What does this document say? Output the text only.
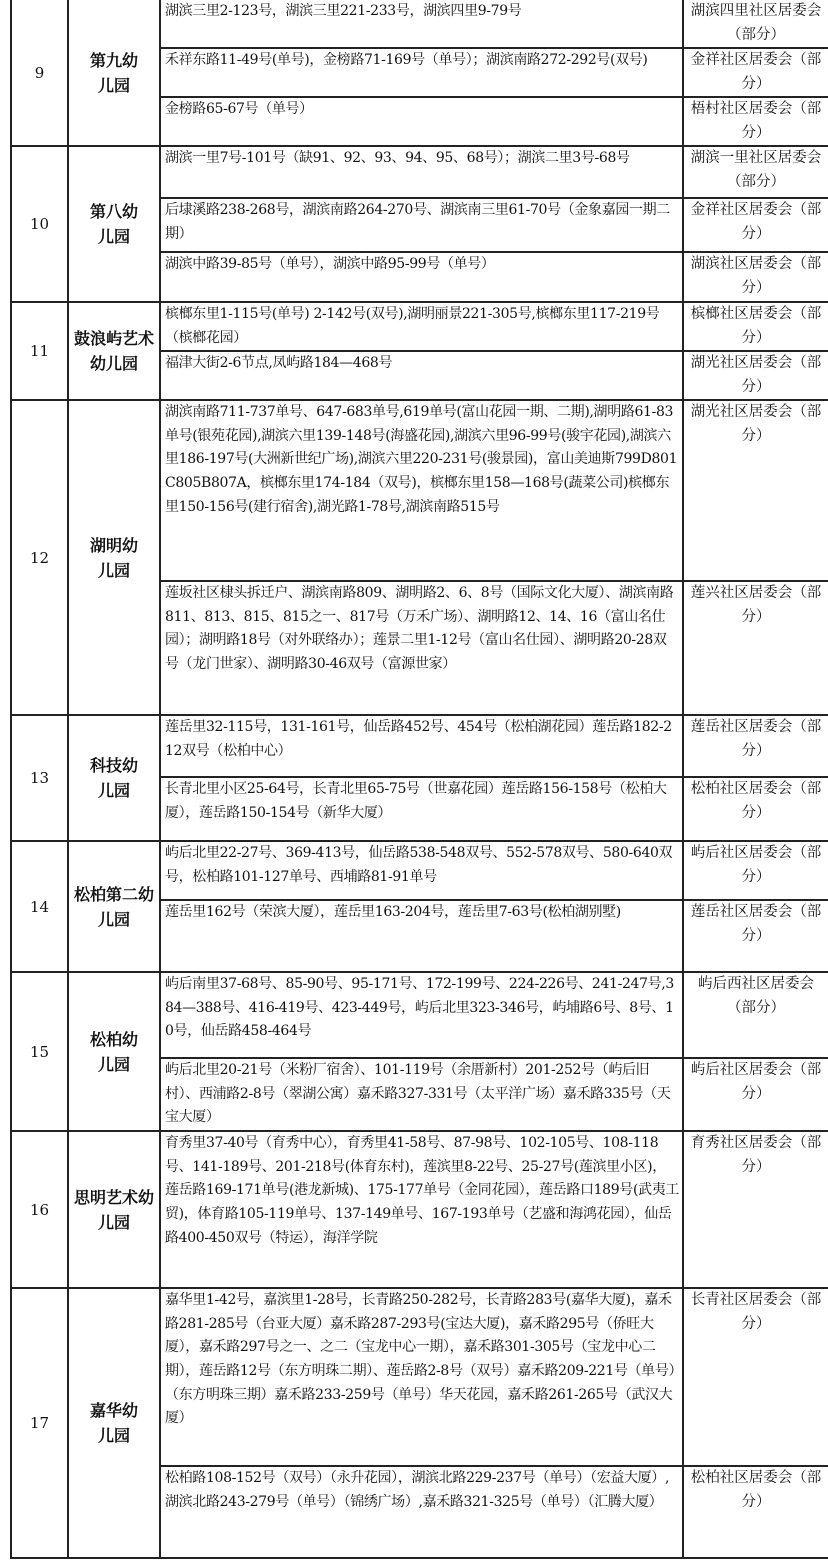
9	第九幼儿园	湖滨三里2-123号，湖滨三里221-233号，湖滨四里9-79号	湖滨四里社区居委会（部分）
		禾祥东路11-49号(单号)，金榜路71-169号（单号）；湖滨南路272-292号(双号)	金祥社区居委会（部分）
		金榜路65-67号（单号）	梧村社区居委会（部分）
10	第八幼儿园	湖滨一里7号-101号（缺91、92、93、94、95、68号）；湖滨二里3号-68号	湖滨一里社区居委会（部分）
		后埭溪路238-268号，湖滨南路264-270号、湖滨南三里61-70号（金象嘉园一期二期）	金祥社区居委会（部分）
		湖滨中路39-85号（单号），湖滨中路95-99号（单号）	湖滨社区居委会（部分）
11	鼓浪屿艺术幼儿园	槟榔东里1-115号(单号) 2-142号(双号),湖明丽景221-305号,槟榔东里117-219号（槟榔花园）	槟榔社区居委会（部分）
		福津大街2-6节点,凤屿路184—468号	湖光社区居委会（部分）
12	湖明幼儿园	湖滨南路711-737单号、647-683单号,619单号(富山花园一期、二期),湖明路61-83单号(银苑花园),湖滨六里139-148号(海盛花园),湖滨六里96-99号(骏宇花园),湖滨六里186-197号(大洲新世纪广场),湖滨六里220-231号(骏景园)，富山美迪斯799D801C805B807A，槟榔东里174-184（双号)，槟榔东里158—168号(蔬菜公司)槟榔东里150-156号(建行宿舍),湖光路1-78号,湖滨南路515号	湖光社区居委会（部分）
		莲坂社区棣头拆迁户、湖滨南路809、湖明路2、6、8号（国际文化大厦）、湖滨南路811、813、815、815之一、817号（万禾广场）、湖明路12、14、16（富山名仕园）；湖明路18号（对外联络办）；莲景二里1-12号（富山名仕园）、湖明路20-28双号（龙门世家）、湖明路30-46双号（富源世家）	莲兴社区居委会（部分）
13	科技幼儿园	莲岳里32-115号，131-161号，仙岳路452号、454号（松柏湖花园）莲岳路182-212双号（松柏中心）	莲岳社区居委会（部分）
		长青北里小区25-64号，长青北里65-75号（世嘉花园）莲岳路156-158号（松柏大厦），莲岳路150-154号（新华大厦）	松柏社区居委会（部分）
14	松柏第二幼儿园	屿后北里22-27号、369-413号，仙岳路538-548双号、552-578双号、580-640双号，松柏路101-127单号、西埔路81-91单号	屿后社区居委会（部分）
		莲岳里162号（荣滨大厦），莲岳里163-204号，莲岳里7-63号(松柏湖别墅)	莲岳社区居委会（部分）
15	松柏幼儿园	屿后南里37-68号、85-90号、95-171号、172-199号、224-226号、241-247号,384—388号、416-419号、423-449号，屿后北里323-346号，屿埔路6号、8号、10号，仙岳路458-464号	屿后西社区居委会（部分）
		屿后北里20-21号（米粉厂宿舍）、101-119号（余厝新村）201-252号（屿后旧村）、西浦路2-8号（翠湖公寓）嘉禾路327-331号（太平洋广场）嘉禾路335号（天宝大厦）	屿后社区居委会（部分）
16	思明艺术幼儿园	育秀里37-40号（育秀中心），育秀里41-58号、87-98号、102-105号、108-118号、141-189号、201-218号(体育东村)，莲滨里8-22号、25-27号(莲滨里小区)，莲岳路169-171单号(港龙新城)、175-177单号（金同花园），莲岳路口189号(武夷工贸)，体育路105-119单号、137-149单号、167-193单号（艺盛和海鸿花园），仙岳路400-450双号（特运），海洋学院	育秀社区居委会（部分）
17	嘉华幼儿园	嘉华里1-42号，嘉滨里1-28号，长青路250-282号，长青路283号(嘉华大厦)，嘉禾路281-285号（台亚大厦）嘉禾路287-293号(宝达大厦)，嘉禾路295号（侨旺大厦），嘉禾路297号之一、之二（宝龙中心一期），嘉禾路301-305号（宝龙中心二期），莲岳路12号（东方明珠二期）、莲岳路2-8号（双号）嘉禾路209-221号（单号）（东方明珠三期）嘉禾路233-259号（单号）华天花园，嘉禾路261-265号（武汉大厦）	长青社区居委会（部分）
		松柏路108-152号（双号）（永升花园），湖滨北路229-237号（单号）（宏益大厦）,湖滨北路243-279号（单号）（锦绣广场）,嘉禾路321-325号（单号）（汇腾大厦）	松柏社区居委会（部分）
